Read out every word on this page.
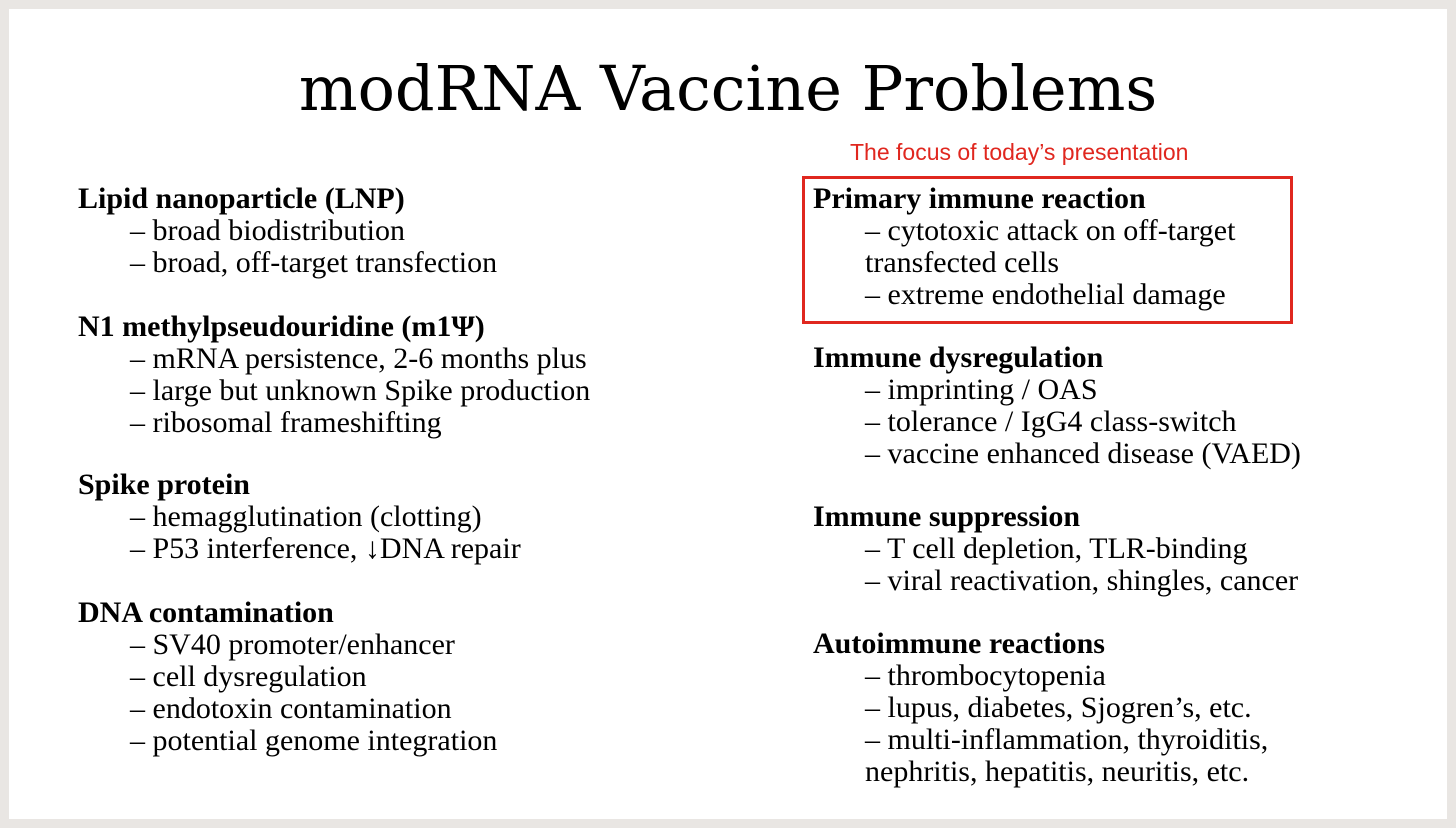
modRNA Vaccine Problems
The focus of today’s presentation
Lipid nanoparticle (LNP)
– broad biodistribution
– broad, off-target transfection
N1 methylpseudouridine (m1Ψ)
– mRNA persistence, 2-6 months plus
– large but unknown Spike production
– ribosomal frameshifting
Spike protein
– hemagglutination (clotting)
– P53 interference, ↓DNA repair
DNA contamination
– SV40 promoter/enhancer
– cell dysregulation
– endotoxin contamination
– potential genome integration
Primary immune reaction
– cytotoxic attack on off-target
transfected cells
– extreme endothelial damage
Immune dysregulation
– imprinting / OAS
– tolerance / IgG4 class-switch
– vaccine enhanced disease (VAED)
Immune suppression
– T cell depletion, TLR-binding
– viral reactivation, shingles, cancer
Autoimmune reactions
– thrombocytopenia
– lupus, diabetes, Sjogren’s, etc.
– multi-inflammation, thyroiditis,
nephritis, hepatitis, neuritis, etc.
